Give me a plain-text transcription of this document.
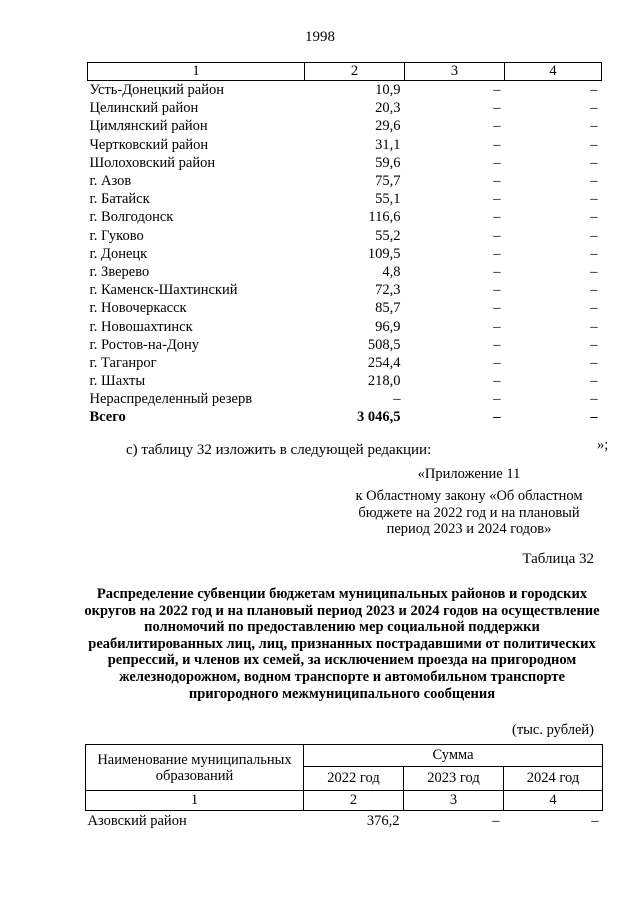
1998
1	2	3	4
Усть-Донецкий район	10,9	–	–
Целинский район	20,3	–	–
Цимлянский район	29,6	–	–
Чертковский район	31,1	–	–
Шолоховский район	59,6	–	–
г. Азов	75,7	–	–
г. Батайск	55,1	–	–
г. Волгодонск	116,6	–	–
г. Гуково	55,2	–	–
г. Донецк	109,5	–	–
г. Зверево	4,8	–	–
г. Каменск-Шахтинский	72,3	–	–
г. Новочеркасск	85,7	–	–
г. Новошахтинск	96,9	–	–
г. Ростов-на-Дону	508,5	–	–
г. Таганрог	254,4	–	–
г. Шахты	218,0	–	–
Нераспределенный резерв	–	–	–
Всего	3 046,5	–	–
»;
с) таблицу 32 изложить в следующей редакции:
«Приложение 11
к Областному закону «Об областном бюджете на 2022 год и на плановый период 2023 и 2024 годов»
Таблица 32
Распределение субвенции бюджетам муниципальных районов и городских округов на 2022 год и на плановый период 2023 и 2024 годов на осуществление полномочий по предоставлению мер социальной поддержки реабилитированных лиц, лиц, признанных пострадавшими от политических репрессий, и членов их семей, за исключением проезда на пригородном железнодорожном, водном транспорте и автомобильном транспорте пригородного межмуниципального сообщения
(тыс. рублей)
Наименование муниципальных образований	Сумма		
	2022 год	2023 год	2024 год
1	2	3	4
Азовский район	376,2	–	–
